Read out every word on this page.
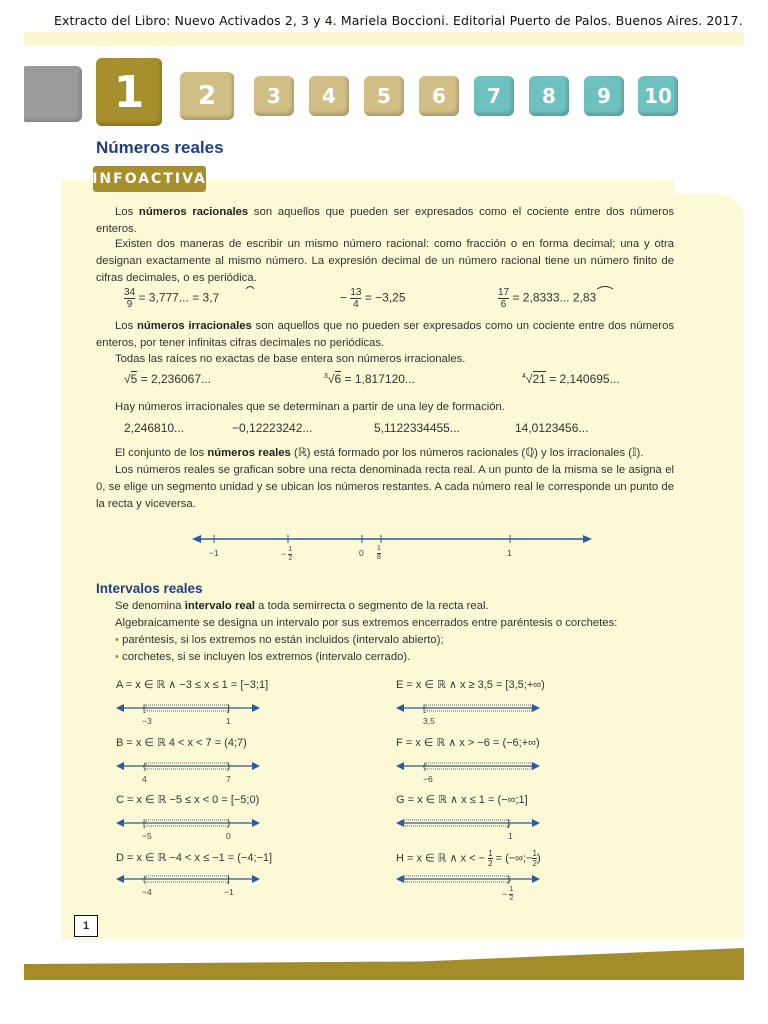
Extracto del Libro: Nuevo Activados 2, 3 y 4. Mariela Boccioni. Editorial Puerto de Palos. Buenos Aires. 2017.
1	2	3	4	5	6	7	8	9	10
Números reales
INFOACTIVA
Los números racionales son aquellos que pueden ser expresados como el cociente entre dos números enteros.
Existen dos maneras de escribir un mismo número racional: como fracción o en forma decimal; una y otra designan exactamente al mismo número. La expresión decimal de un número racional tiene un número finito de cifras decimales, o es periódica.
$\frac{34}{9} = 3,777$... = 3,7	− $\frac{13}{4} = -3,25$	$\frac{17}{6} = 2,8333$... 2,83
Los números irracionales son aquellos que no pueden ser expresados como un cociente entre dos números enteros, por tener infinitas cifras decimales no periódicas.
Todas las raíces no exactas de base entera son números irracionales.
√5 = 2,236067...	$^3$√6 = 1,817120...	$^4$√21 = 2,140695...
Hay números irracionales que se determinan a partir de una ley de formación.
2,246810...	−0,12223242...	5,1122334455...	14,0123456...
El conjunto de los números reales (ℝ) está formado por los números racionales (ℚ) y los irracionales (𝕀).
Los números reales se grafican sobre una recta denominada recta real. A un punto de la misma se le asigna el 0, se elige un segmento unidad y se ubican los números restantes. A cada número real le corresponde un punto de la recta y viceversa.
−1	− $\frac{1}{2}$	$0 \frac{1}{8}$	1
Intervalos reales
Se denomina intervalo real a toda semirrecta o segmento de la recta real.
Algebraicamente se designa un intervalo por sus extremos encerrados entre paréntesis o corchetes:
• paréntesis, si los extremos no están incluidos (intervalo abierto);
• corchetes, si se incluyen los extremos (intervalo cerrado).
A = x ∈ ℝ ∧ −3 ≤ x ≤ 1 = [−3;1]	E = x ∈ ℝ ∧ x ≥ 3,5 = [3,5;+∞)
B = x ∈ ℝ 4 < x < 7 = (4;7)	F = x ∈ ℝ ∧ x > −6 = (−6;+∞)
C = x ∈ ℝ −5 ≤ x < 0 = [−5;0)	G = x ∈ ℝ ∧ x ≤ 1 = (−∞;1]
D = x ∈ ℝ −4 < x ≤ −1 = (−4;−1]	H = x ∈ ℝ ∧ x < − $\frac{1}{2}$ = (−∞;− $\frac{1}{2}$ )
[	]
−3	1
[
3,5
(	)
4	7
(
−6
[	)
−5	0
]
1
(	]
−4	−1
)
− $\frac{1}{2}$
1
